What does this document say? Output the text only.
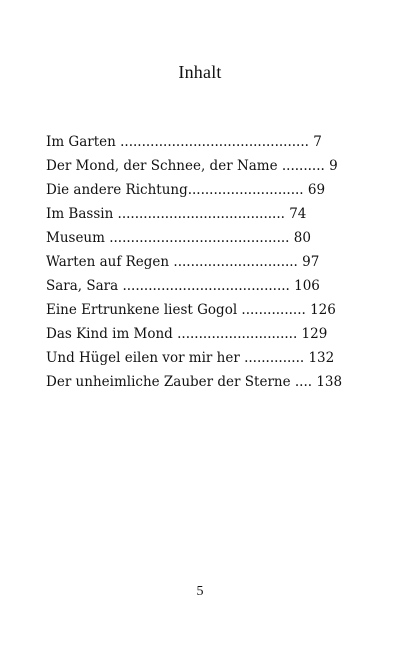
Inhalt
Im Garten ............................................ 7
Der Mond, der Schnee, der Name .......... 9
Die andere Richtung........................... 69
Im Bassin ....................................... 74
Museum .......................................... 80
Warten auf Regen ............................. 97
Sara, Sara ....................................... 106
Eine Ertrunkene liest Gogol ............... 126
Das Kind im Mond ............................ 129
Und Hügel eilen vor mir her .............. 132
Der unheimliche Zauber der Sterne .... 138
5
